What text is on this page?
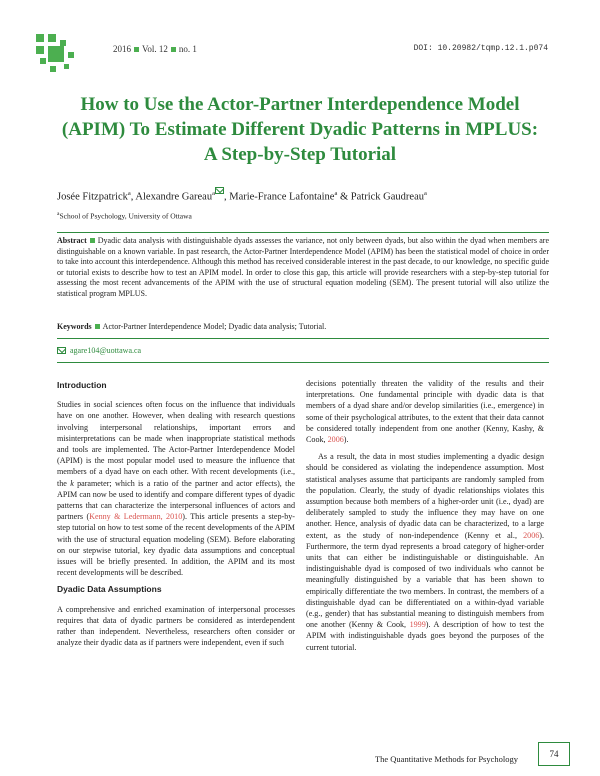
2016 Vol. 12 no. 1	DOI: 10.20982/tqmp.12.1.p074
How to Use the Actor-Partner Interdependence Model (APIM) To Estimate Different Dyadic Patterns in MPLUS: A Step-by-Step Tutorial
Josée Fitzpatrick$^a$, Alexandre Gareau$^a$ , Marie-France Lafontaine$^a$ & Patrick Gaudreau$^a$
$^a$School of Psychology, University of Ottawa
Abstract Dyadic data analysis with distinguishable dyads assesses the variance, not only between dyads, but also within the dyad when members are distinguishable on a known variable. In past research, the Actor-Partner Interdependence Model (APIM) has been the statistical model of choice in order to take into account this interdependence. Although this method has received considerable interest in the past decade, to our knowledge, no specific guide or tutorial exists to describe how to test an APIM model. In order to close this gap, this article will provide researchers with a step-by-step tutorial for assessing the most recent advancements of the APIM with the use of structural equation modeling (SEM). The present tutorial will also utilize the statistical program MPLUS.
Keywords Actor-Partner Interdependence Model; Dyadic data analysis; Tutorial.
agare104@uottawa.ca
Introduction

Studies in social sciences often focus on the influence that individuals have on one another. However, when dealing with research questions involving interpersonal relationships, important errors and misinterpretations can be made when inappropriate statistical methods and tools are implemented. The Actor-Partner Interdependence Model (APIM) is the most popular model used to measure the influence that members of a dyad have on each other. With recent developments (i.e., the k parameter; which is a ratio of the partner and actor effects), the APIM can now be used to identify and compare different types of dyadic patterns that can characterize the interpersonal influences of actors and partners (Kenny & Ledermann, 2010). This article presents a step-by-step tutorial on how to test some of the recent developments of the APIM with the use of structural equation modeling (SEM). Before elaborating on our stepwise tutorial, key dyadic data assumptions and conceptual issues will be briefly presented. In addition, the APIM and its most recent developments will be described.

Dyadic Data Assumptions

A comprehensive and enriched examination of interpersonal processes requires that data of dyadic partners be considered as interdependent rather than independent. Nevertheless, researchers often consider or analyze their dyadic data as if partners were independent, even if such

decisions potentially threaten the validity of the results and their interpretations. One fundamental principle with dyadic data is that members of a dyad share and/or develop similarities (i.e., emergence) in some of their psychological attributes, to the extent that their data cannot be considered totally independent from one another (Kenny, Kashy, & Cook, 2006).

As a result, the data in most studies implementing a dyadic design should be considered as violating the independence assumption. Most statistical analyses assume that participants are randomly sampled from the population. Clearly, the study of dyadic relationships violates this assumption because both members of a higher-order unit (i.e., dyad) are deliberately sampled to study the influence they may have on one another. Hence, analysis of dyadic data can be characterized, to a large extent, as the study of non-independence (Kenny et al., 2006). Furthermore, the term dyad represents a broad category of higher-order units that can either be indistinguishable or distinguishable. An indistinguishable dyad is composed of two individuals who cannot be meaningfully distinguished by a variable that has been shown to empirically differentiate the two members. In contrast, the members of a distinguishable dyad can be differentiated on a within-dyad variable (e.g., gender) that has substantial meaning to distinguish members from one another (Kenny & Cook, 1999). A description of how to test the APIM with indistinguishable dyads goes beyond the purposes of the current tutorial.

The Quantitative Methods for Psychology	74
